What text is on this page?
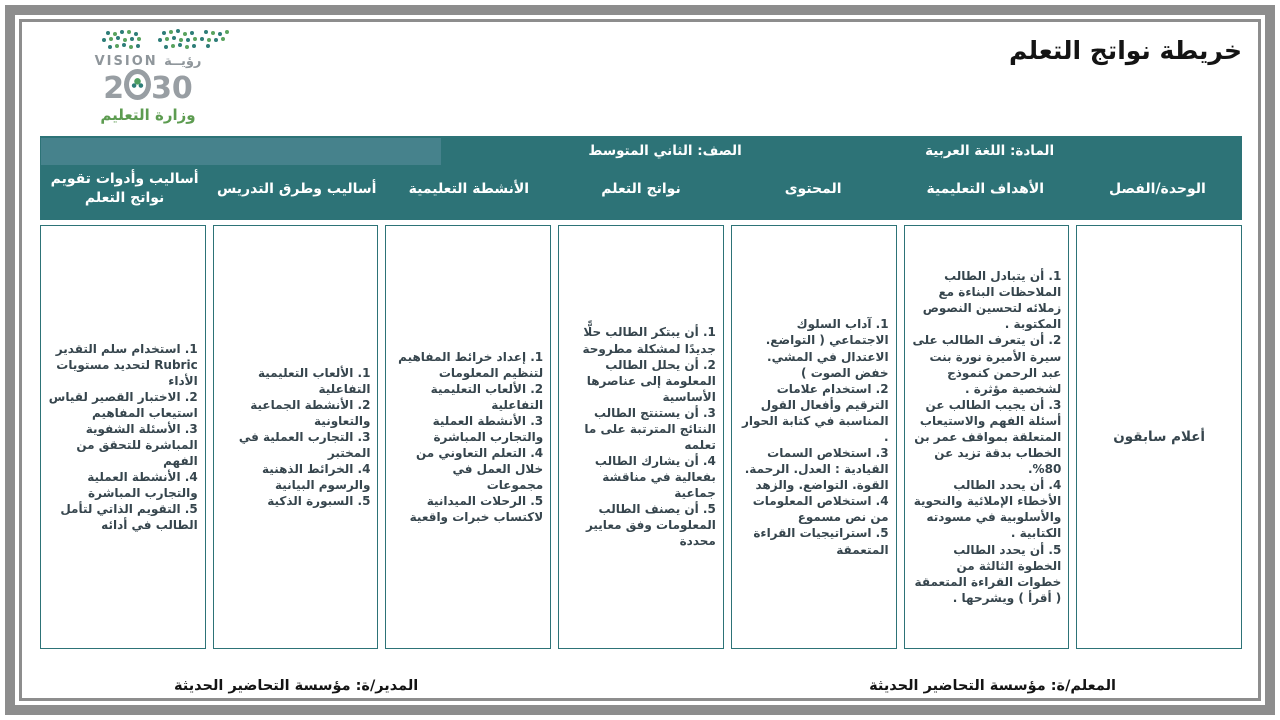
خريطة نواتج التعلم
VISION رؤيــة
2 30
وزارة التعليم
المادة: اللغة العربية
الصف: الثاني المتوسط
الوحدة/الفصل
الأهداف التعليمية
المحتوى
نواتج التعلم
الأنشطة التعليمية
أساليب وطرق التدريس
أساليب وأدوات تقويم نواتج التعلم
أعلام سابقون
1. أن يتبادل الطالب الملاحظات البناءة مع زملائه لتحسين النصوص المكتوبة .
2. أن يتعرف الطالب على سيرة الأميرة نورة بنت عبد الرحمن كنموذج لشخصية مؤثرة .
3. أن يجيب الطالب عن أسئلة الفهم والاستيعاب المتعلقة بمواقف عمر بن الخطاب بدقة تزيد عن 80%.
4. أن يحدد الطالب الأخطاء الإملائية والنحوية والأسلوبية في مسودته الكتابية .
5. أن يحدد الطالب الخطوة الثالثة من خطوات القراءة المتعمقة ( أقرأ ) ويشرحها .
1. آداب السلوك الاجتماعي ( التواضع. الاعتدال في المشي. خفض الصوت )
2. استخدام علامات الترقيم وأفعال القول المناسبة في كتابة الحوار .
3. استخلاص السمات القيادية : العدل. الرحمة. القوة. التواضع. والزهد
4. استخلاص المعلومات من نص مسموع
5. استراتيجيات القراءة المتعمقة
1. أن يبتكر الطالب حلًّا جديدًا لمشكلة مطروحة
2. أن يحلل الطالب المعلومة إلى عناصرها الأساسية
3. أن يستنتج الطالب النتائج المترتبة على ما تعلمه
4. أن يشارك الطالب بفعالية في مناقشة جماعية
5. أن يصنف الطالب المعلومات وفق معايير محددة
1. إعداد خرائط المفاهيم لتنظيم المعلومات
2. الألعاب التعليمية التفاعلية
3. الأنشطة العملية والتجارب المباشرة
4. التعلم التعاوني من خلال العمل في مجموعات
5. الرحلات الميدانية لاكتساب خبرات واقعية
1. الألعاب التعليمية التفاعلية
2. الأنشطة الجماعية والتعاونية
3. التجارب العملية في المختبر
4. الخرائط الذهنية والرسوم البيانية
5. السبورة الذكية
1. استخدام سلم التقدير Rubric لتحديد مستويات الأداء
2. الاختبار القصير لقياس استيعاب المفاهيم
3. الأسئلة الشفوية المباشرة للتحقق من الفهم
4. الأنشطة العملية والتجارب المباشرة
5. التقويم الذاتي لتأمل الطالب في أدائه
المعلم/ة: مؤسسة التحاضير الحديثة
المدير/ة: مؤسسة التحاضير الحديثة
